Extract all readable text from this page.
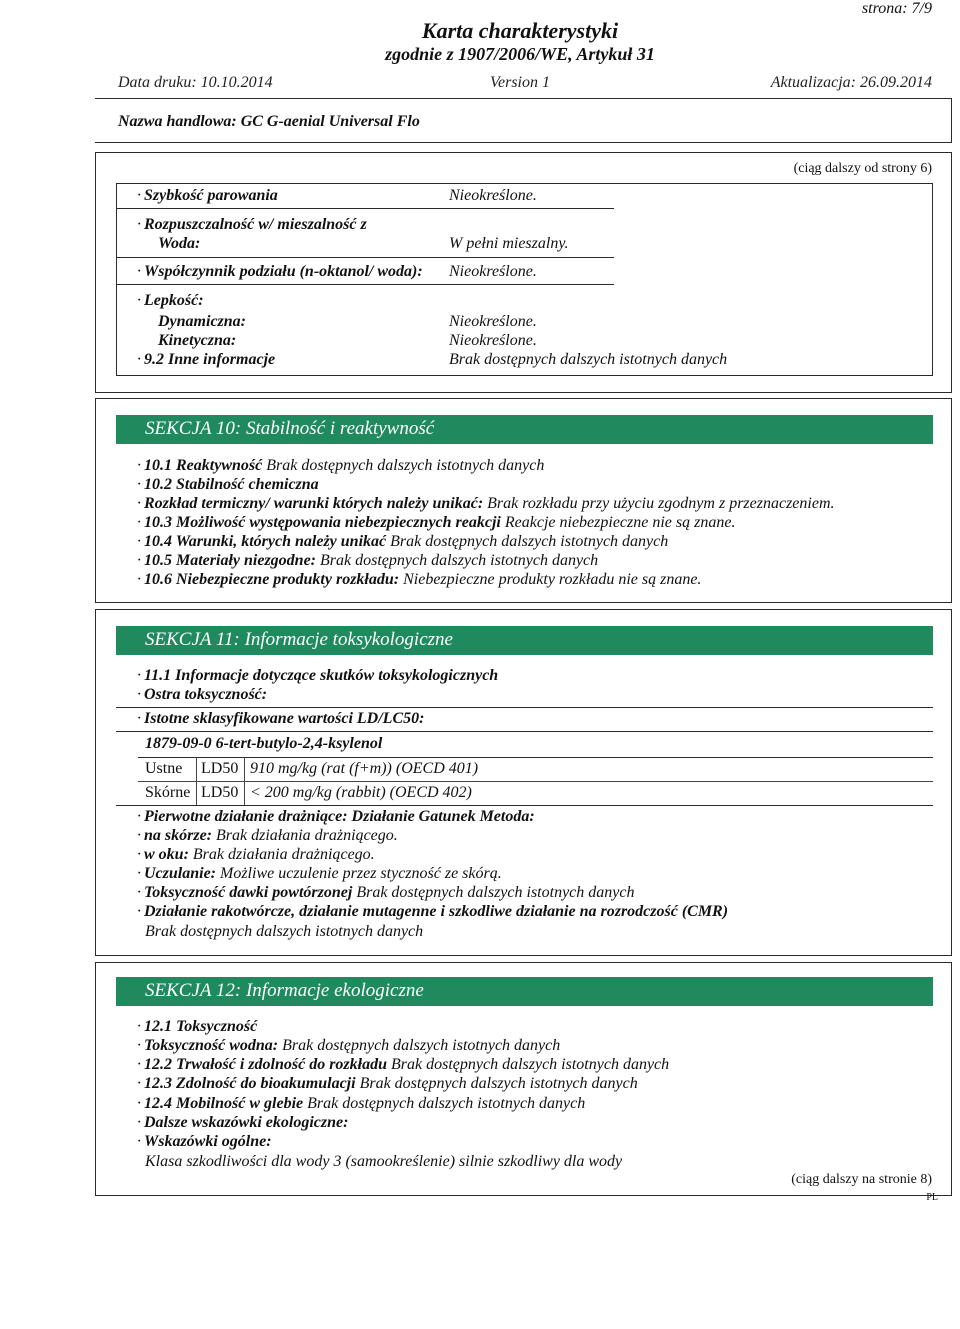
strona: 7/9
Karta charakterystyki
zgodnie z 1907/2006/WE, Artykuł 31
Data druku: 10.10.2014	Version 1	Aktualizacja: 26.09.2014
Nazwa handlowa: GC G-aenial Universal Flo
(ciąg dalszy od strony 6)
· Szybkość parowania	Nieokreślone.
· Rozpuszczalność w/ mieszalność z
Woda:	W pełni mieszalny.
· Współczynnik podziału (n-oktanol/ woda): Nieokreślone.
· Lepkość:
Dynamiczna:	Nieokreślone.
Kinetyczna:	Nieokreślone.
· 9.2 Inne informacje	Brak dostępnych dalszych istotnych danych
SEKCJA 10: Stabilność i reaktywność
· 10.1 Reaktywność Brak dostępnych dalszych istotnych danych
· 10.2 Stabilność chemiczna
· Rozkład termiczny/ warunki których należy unikać: Brak rozkładu przy użyciu zgodnym z przeznaczeniem.
· 10.3 Możliwość występowania niebezpiecznych reakcji Reakcje niebezpieczne nie są znane.
· 10.4 Warunki, których należy unikać Brak dostępnych dalszych istotnych danych
· 10.5 Materiały niezgodne: Brak dostępnych dalszych istotnych danych
· 10.6 Niebezpieczne produkty rozkładu: Niebezpieczne produkty rozkładu nie są znane.
SEKCJA 11: Informacje toksykologiczne
· 11.1 Informacje dotyczące skutków toksykologicznych
· Ostra toksyczność:
· Istotne sklasyfikowane wartości LD/LC50:
1879-09-0 6-tert-butylo-2,4-ksylenol
Ustne LD50 910 mg/kg (rat (f+m)) (OECD 401)
Skórne LD50 < 200 mg/kg (rabbit) (OECD 402)
· Pierwotne działanie drażniące: Działanie Gatunek Metoda:
· na skórze: Brak działania drażniącego.
· w oku: Brak działania drażniącego.
· Uczulanie: Możliwe uczulenie przez styczność ze skórą.
· Toksyczność dawki powtórzonej Brak dostępnych dalszych istotnych danych
· Działanie rakotwórcze, działanie mutagenne i szkodliwe działanie na rozrodczość (CMR)
Brak dostępnych dalszych istotnych danych
SEKCJA 12: Informacje ekologiczne
· 12.1 Toksyczność
· Toksyczność wodna: Brak dostępnych dalszych istotnych danych
· 12.2 Trwałość i zdolność do rozkładu Brak dostępnych dalszych istotnych danych
· 12.3 Zdolność do bioakumulacji Brak dostępnych dalszych istotnych danych
· 12.4 Mobilność w glebie Brak dostępnych dalszych istotnych danych
· Dalsze wskazówki ekologiczne:
· Wskazówki ogólne:
Klasa szkodliwości dla wody 3 (samookreślenie) silnie szkodliwy dla wody
(ciąg dalszy na stronie 8)
PL
